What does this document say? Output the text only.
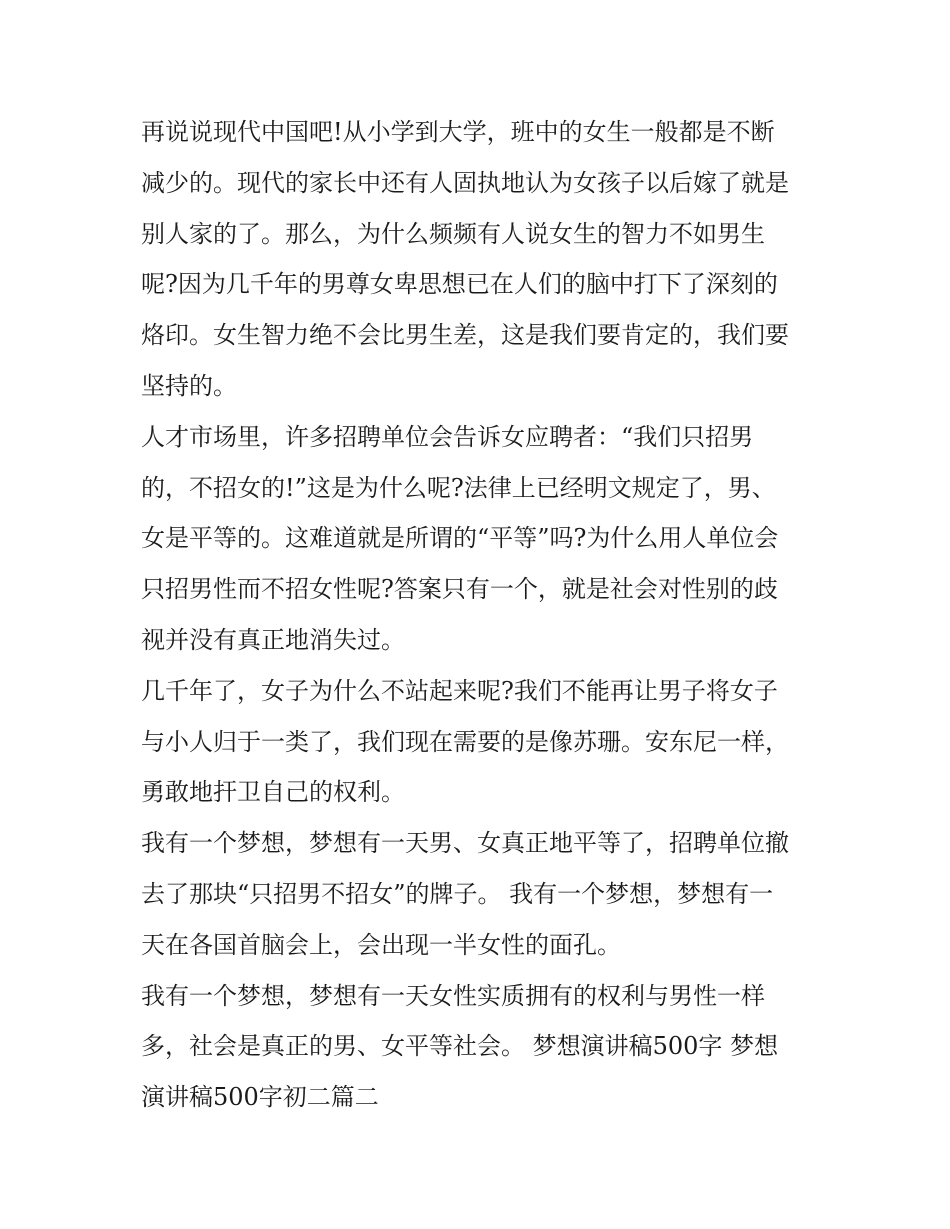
再说说现代中国吧!从小学到大学，班中的女生一般都是不断
减少的。现代的家长中还有人固执地认为女孩子以后嫁了就是
别人家的了。那么，为什么频频有人说女生的智力不如男生
呢?因为几千年的男尊女卑思想已在人们的脑中打下了深刻的
烙印。女生智力绝不会比男生差，这是我们要肯定的，我们要
坚持的。
人才市场里，许多招聘单位会告诉女应聘者：“我们只招男
的，不招女的!”这是为什么呢?法律上已经明文规定了，男、
女是平等的。这难道就是所谓的“平等”吗?为什么用人单位会
只招男性而不招女性呢?答案只有一个，就是社会对性别的歧
视并没有真正地消失过。
几千年了，女子为什么不站起来呢?我们不能再让男子将女子
与小人归于一类了，我们现在需要的是像苏珊。安东尼一样，
勇敢地扞卫自己的权利。
我有一个梦想，梦想有一天男、女真正地平等了，招聘单位撤
去了那块“只招男不招女”的牌子。 我有一个梦想，梦想有一
天在各国首脑会上，会出现一半女性的面孔。
我有一个梦想，梦想有一天女性实质拥有的权利与男性一样
多，社会是真正的男、女平等社会。 梦想演讲稿500字 梦想
演讲稿500字初二篇二
